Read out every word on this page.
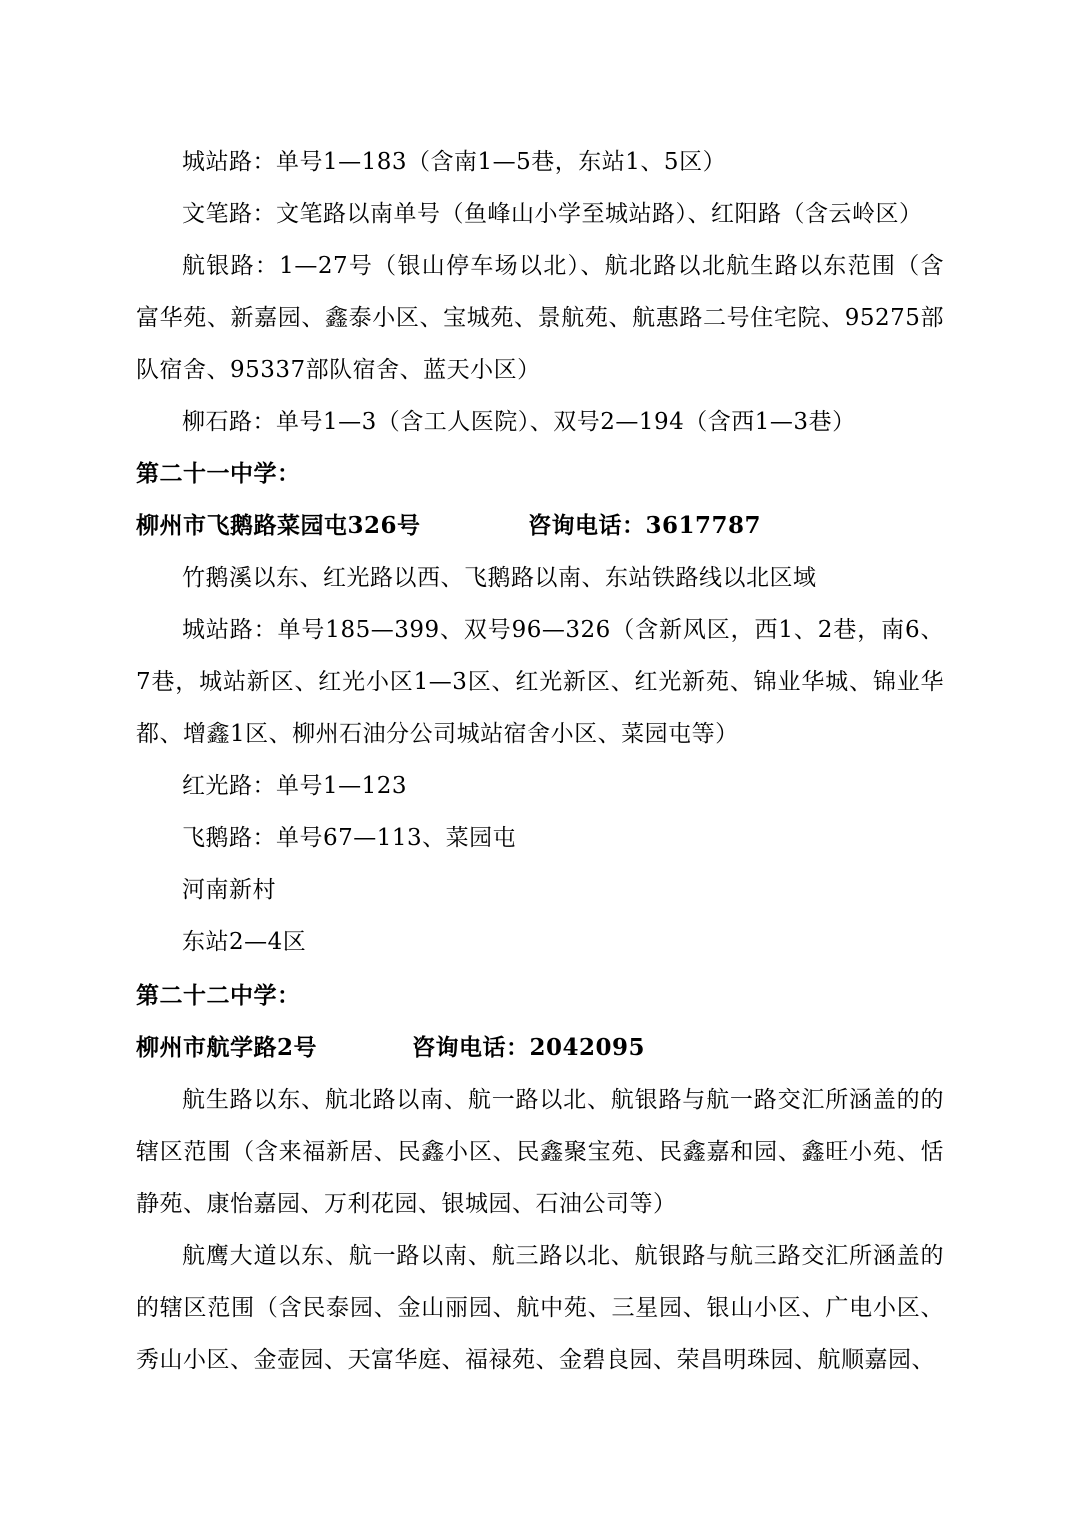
城站路：单号1—183（含南1—5巷，东站1、5区）

文笔路：文笔路以南单号（鱼峰山小学至城站路）、红阳路（含云岭区）

航银路：1—27号（银山停车场以北）、航北路以北航生路以东范围（含富华苑、新嘉园、鑫泰小区、宝城苑、景航苑、航惠路二号住宅院、95275部队宿舍、95337部队宿舍、蓝天小区）

柳石路：单号1—3（含工人医院）、双号2—194（含西1—3巷）

第二十一中学：

柳州市飞鹅路菜园屯326号	咨询电话：3617787

竹鹅溪以东、红光路以西、飞鹅路以南、东站铁路线以北区域

城站路：单号185—399、双号96—326（含新风区，西1、2巷，南6、7巷，城站新区、红光小区1—3区、红光新区、红光新苑、锦业华城、锦业华都、增鑫1区、柳州石油分公司城站宿舍小区、菜园屯等）

红光路：单号1—123

飞鹅路：单号67—113、菜园屯

河南新村

东站2—4区

第二十二中学：

柳州市航学路2号	咨询电话：2042095

航生路以东、航北路以南、航一路以北、航银路与航一路交汇所涵盖的的辖区范围（含来福新居、民鑫小区、民鑫聚宝苑、民鑫嘉和园、鑫旺小苑、恬静苑、康怡嘉园、万利花园、银城园、石油公司等）

航鹰大道以东、航一路以南、航三路以北、航银路与航三路交汇所涵盖的的辖区范围（含民泰园、金山丽园、航中苑、三星园、银山小区、广电小区、秀山小区、金壶园、天富华庭、福禄苑、金碧良园、荣昌明珠园、航顺嘉园、
